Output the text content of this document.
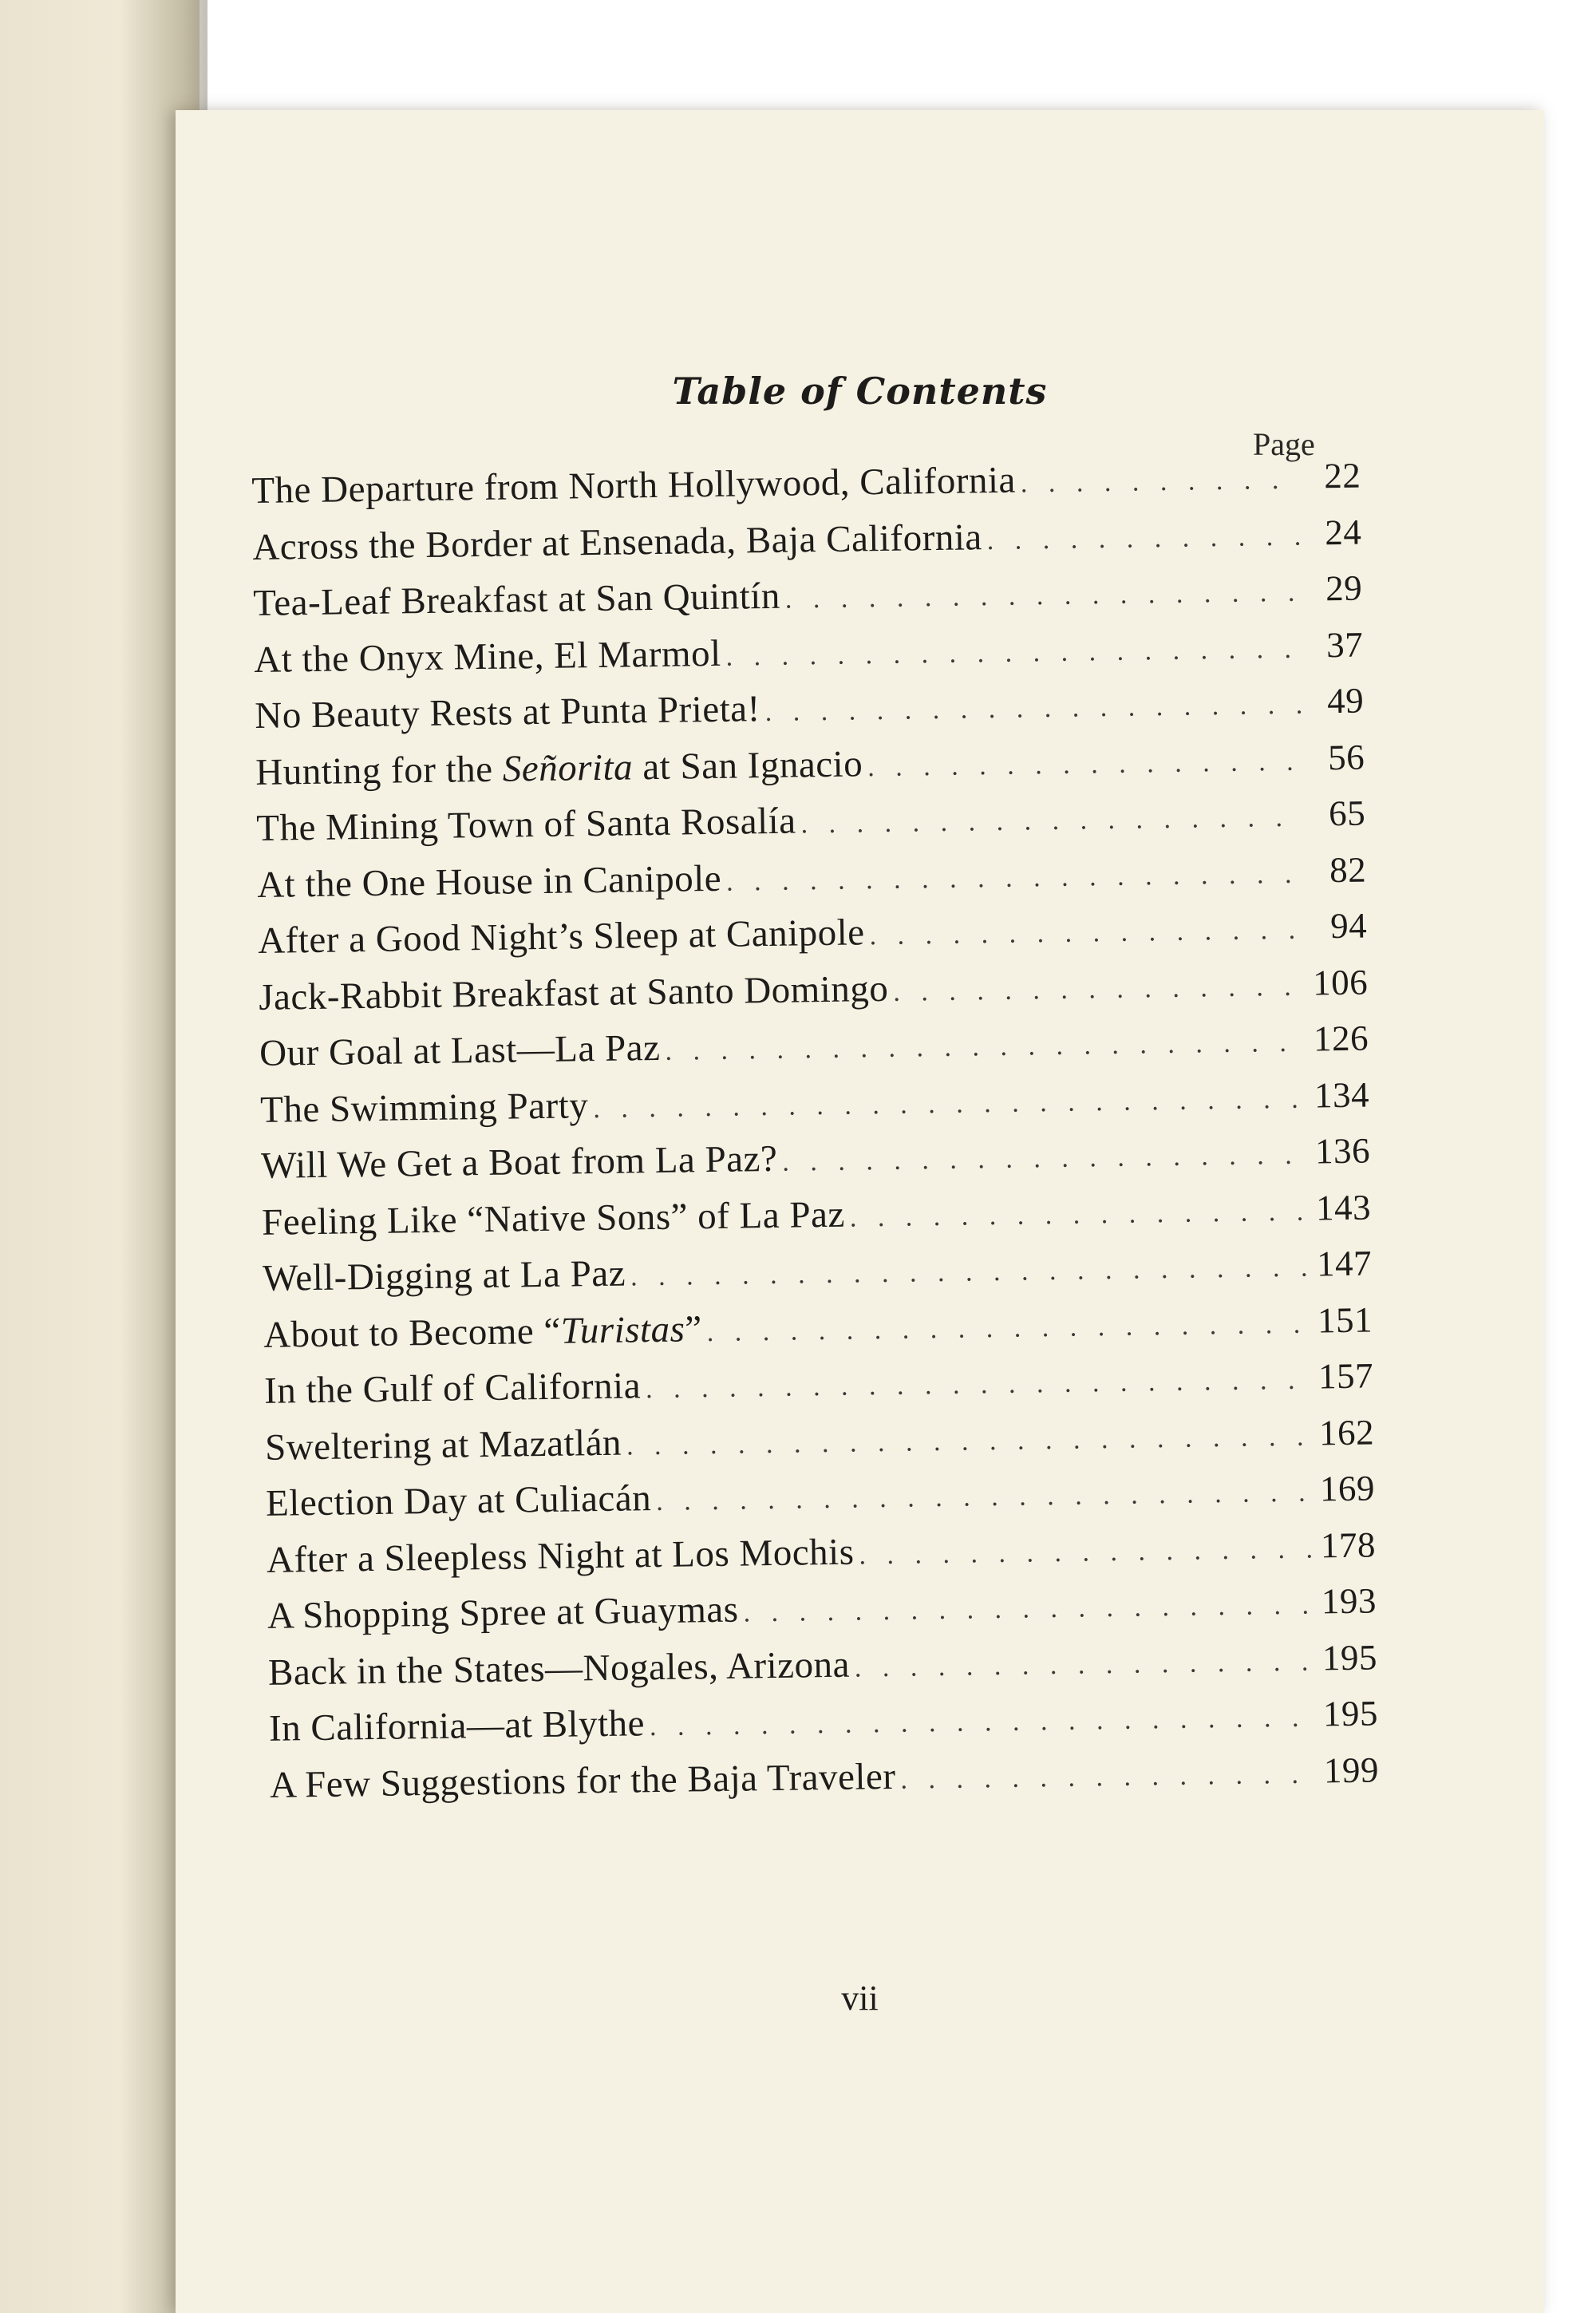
Table of Contents
Page
The Departure from North Hollywood, California . . .	22
Across the Border at Ensenada, Baja California . . .	24
Tea-Leaf Breakfast at San Quintín . . .	29
At the Onyx Mine, El Marmol . . .	37
No Beauty Rests at Punta Prieta! . . .	49
Hunting for the Señorita at San Ignacio . . .	56
The Mining Town of Santa Rosalía . . .	65
At the One House in Canipole . . .	82
After a Good Night’s Sleep at Canipole . . .	94
Jack-Rabbit Breakfast at Santo Domingo . . .	106
Our Goal at Last—La Paz . . .	126
The Swimming Party . . .	134
Will We Get a Boat from La Paz? . . .	136
Feeling Like “Native Sons” of La Paz . . .	143
Well-Digging at La Paz . . .	147
About to Become “Turistas” . . .	151
In the Gulf of California . . .	157
Sweltering at Mazatlán . . .	162
Election Day at Culiacán . . .	169
After a Sleepless Night at Los Mochis . . .	178
A Shopping Spree at Guaymas . . .	193
Back in the States—Nogales, Arizona . . .	195
In California—at Blythe . . .	195
A Few Suggestions for the Baja Traveler . . .	199
vii
